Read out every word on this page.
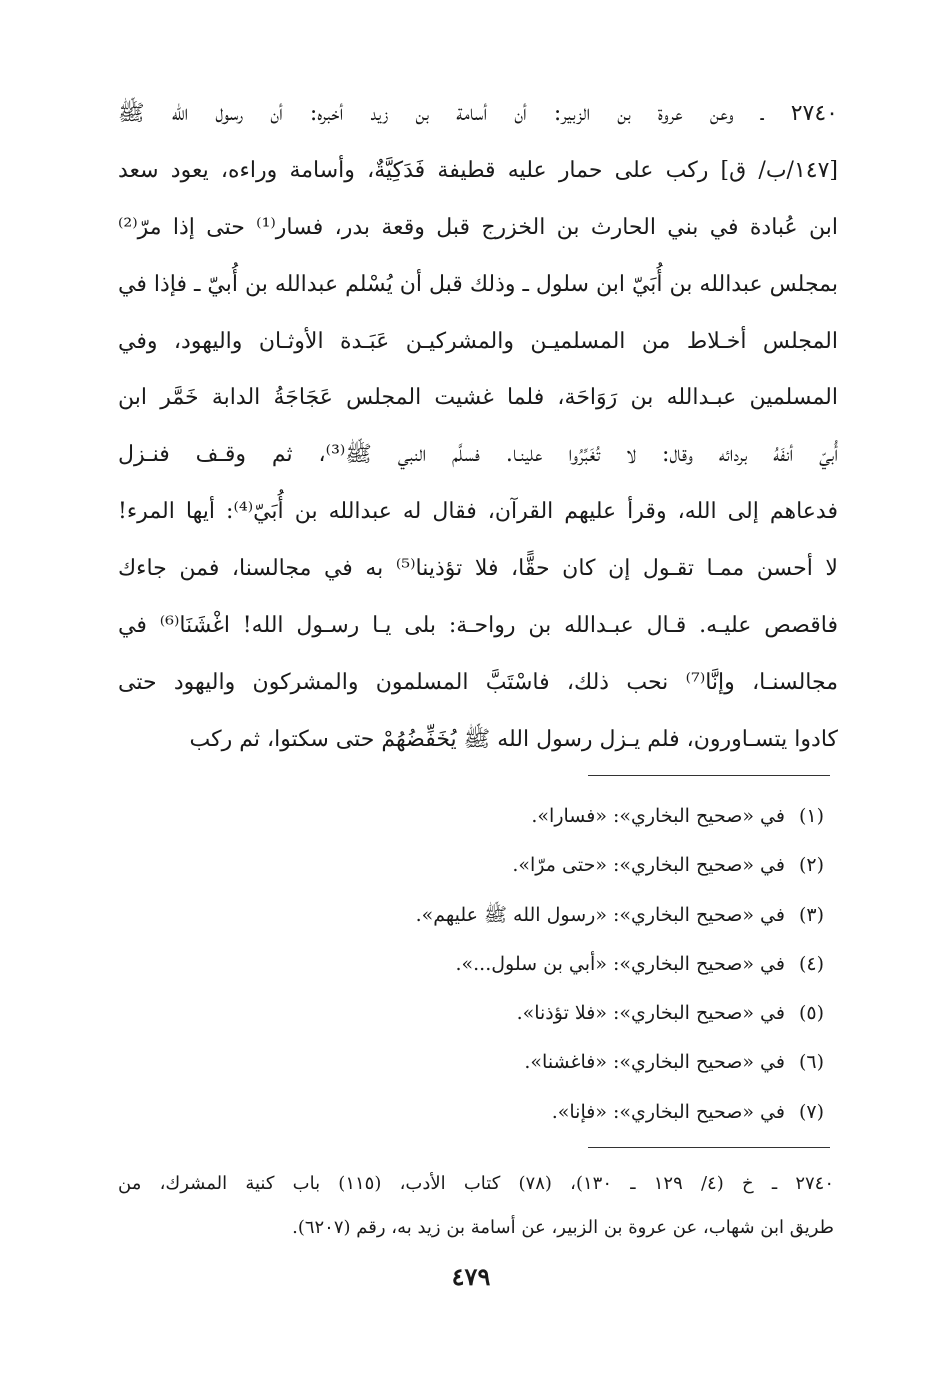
٢٧٤٠ ـ وعن عروة بن الزبير: أن أسامة بن زيد أخبره: أن رسول الله ﷺ
[١٤٧/ب/ ق] ركب على حمار عليه قطيفة فَدَكِيَّةٌ، وأسامة وراءه، يعود سعد
ابن عُبادة في بني الحارث بن الخزرج قبل وقعة بدر، فسار⁽¹⁾ حتى إذا مرّ⁽²⁾
بمجلس عبدالله بن أُبَيّ ابن سلول ـ وذلك قبل أن يُسْلم عبدالله بن أُبيّ ـ فإذا في
المجلس أخـلاط من المسلميـن والمشركيـن عَبَـدة الأوثـان واليهود، وفي
المسلمين عبـدالله بن رَوَاحَة، فلما غشيت المجلس عَجَاجَةُ الدابة خَمَّر ابن
أُبيّ أنفَهُ بردائه وقال: لا تُغَبِّرُوا علينـا. فسلَّم النبي ﷺ⁽³⁾، ثم وقـف فنـزل
فدعاهم إلى الله، وقرأ عليهم القرآن، فقال له عبدالله بن أُبَيّ⁽⁴⁾: أيها المرء!
لا أحسن ممـا تقـول إن كان حقًّا، فلا تؤذينا⁽⁵⁾ به في مجالسنا، فمن جاءك
فاقصص عليـه. قـال عبـدالله بن رواحـة: بلى يـا رسـول الله! اغْشَنَا⁽⁶⁾ في
مجالسنـا، وإنَّا⁽⁷⁾ نحب ذلك، فاسْتَبَّ المسلمون والمشركون واليهود حتى
كادوا يتسـاورون، فلم يـزل رسول الله ﷺ يُخَفِّضُهُمْ حتى سكتوا، ثم ركب
(١)في «صحيح البخاري»: «فسارا».
(٢)في «صحيح البخاري»: «حتى مرّا».
(٣)في «صحيح البخاري»: «رسول الله ﷺ عليهم».
(٤)في «صحيح البخاري»: «أبي بن سلول...».
(٥)في «صحيح البخاري»: «فلا تؤذنا».
(٦)في «صحيح البخاري»: «فاغشنا».
(٧)في «صحيح البخاري»: «فإنا».
٢٧٤٠ ـ خ (٤/ ١٢٩ ـ ١٣٠)، (٧٨) كتاب الأدب، (١١٥) باب كنية المشرك، من
طريق ابن شهاب، عن عروة بن الزبير، عن أسامة بن زيد به، رقم (٦٢٠٧).
٤٧٩
